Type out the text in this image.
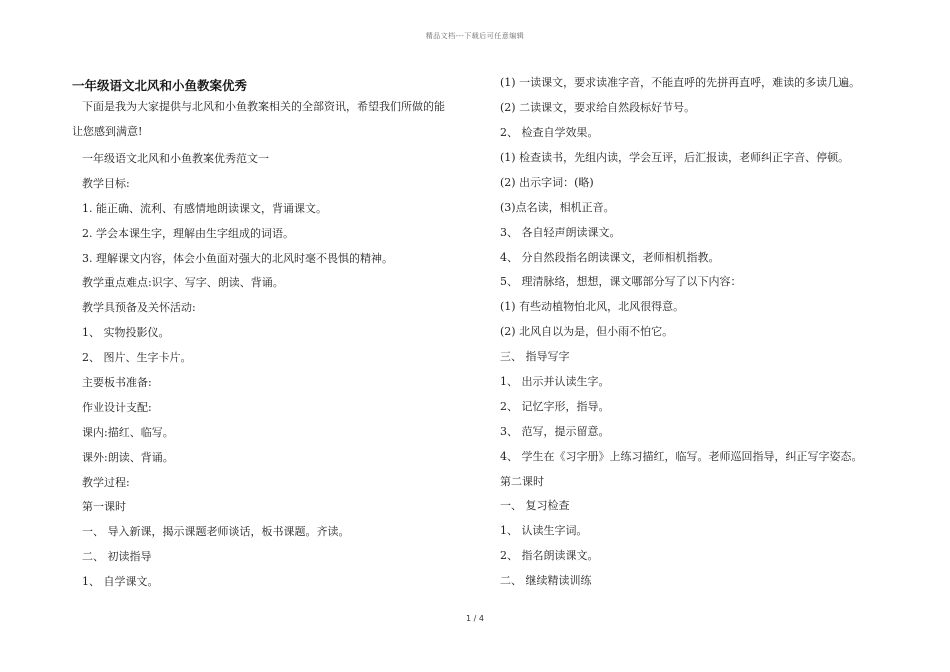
精品文档---下载后可任意编辑
一年级语文北风和小鱼教案优秀
下面是我为大家提供与北风和小鱼教案相关的全部资讯，希望我们所做的能
让您感到满意!
一年级语文北风和小鱼教案优秀范文一
教学目标:
1. 能正确、流利、有感情地朗读课文，背诵课文。
2. 学会本课生字，理解由生字组成的词语。
3. 理解课文内容，体会小鱼面对强大的北风时毫不畏惧的精神。
教学重点难点:识字、写字、朗读、背诵。
教学具预备及关怀活动:
1、 实物投影仪。
2、 图片、生字卡片。
主要板书准备:
作业设计支配:
课内:描红、临写。
课外:朗读、背诵。
教学过程:
第一课时
一、 导入新课，揭示课题老师谈话，板书课题。齐读。
二、 初读指导
1、 自学课文。
(1) 一读课文，要求读准字音，不能直呼的先拼再直呼，难读的多读几遍。
(2) 二读课文，要求给自然段标好节号。
2、 检查自学效果。
(1) 检查读书，先组内读，学会互评，后汇报读，老师纠正字音、停顿。
(2) 出示字词：(略)
(3)点名读，相机正音。
3、 各自轻声朗读课文。
4、 分自然段指名朗读课文，老师相机指教。
5、 理清脉络，想想，课文哪部分写了以下内容：
(1) 有些动植物怕北风，北风很得意。
(2) 北风自以为是，但小雨不怕它。
三、 指导写字
1、 出示并认读生字。
2、 记忆字形，指导。
3、 范写，提示留意。
4、 学生在《习字册》上练习描红，临写。老师巡回指导，纠正写字姿态。
第二课时
一、 复习检查
1、 认读生字词。
2、 指名朗读课文。
二、 继续精读训练
1 / 4
